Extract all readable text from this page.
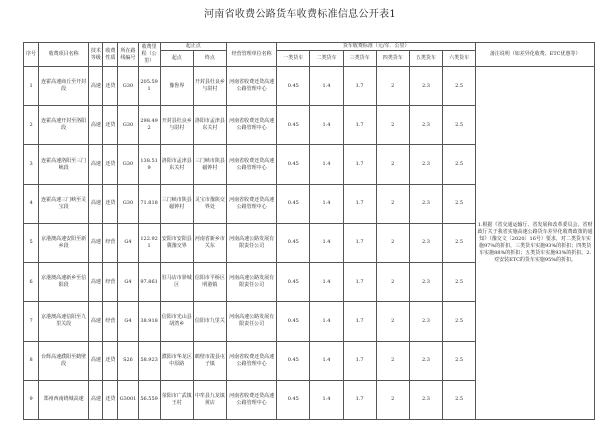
河南省收费公路货车收费标准信息公开表1
序号	收费项目名称	技术等级	收费性质	所在路线编号	收费里程（公里）	起止点		经营管理单位名称	货车收费标准（元/车．公里）						备注说明（如差异化收费、ETC优惠等）
						起点	终点		一类货车	二类货车	三类货车	四类货车	五类货车	六类货车	
1	连霍高速商丘至开封段	高速	还贷	G30	205.591	豫鲁界	开封县杜良乡与尉村	河南省收费还贷高速公路管理中心	0.45	1.4	1.7	2	2.3	2.5	1.根据《省交通运输厅、省发展和改革委员会、省财政厅关于我省实施高速公路货车差异化收费政策的通知》（豫交文〔2020〕16号）要求，对二类货车实施97%的折扣，三类货车实施93%的折扣；四类货车实施88%的折扣；五类货车实施93%的折扣。2.对安装ETC的货车实施95%的折扣。
2	连霍高速开封至洛阳段	高速	还贷	G30	298.492	开封县杜良乡与尉村	洛阳市孟津县东关村	河南省收费还贷高速公路管理中心	0.45	1.4	1.7	2	2.3	2.5	
3	连霍高速洛阳至三门峡段	高速	还贷	G30	138.519	洛阳市孟津县东关村	三门峡市陕县磁钟村	河南省收费还贷高速公路管理中心	0.45	1.4	1.7	2	2.3	2.5	
4	连霍高速三门峡至灵宝段	高速	还贷	G30	71.818	三门峡市陕县磁钟村	灵宝市豫陕交界处	河南省收费还贷高速公路管理中心	0.45	1.4	1.7	2	2.3	2.5	
5	京港澳高速安阳至新乡段	高速	经营	G4	122.921	安阳市安阳县冀豫交界	河南省新乡市关东	河南高速公路发展有限责任公司	0.45	1.4	1.7	2	2.3	2.5	
6	京港澳高速新乡至信阳段	高速	经营	G4	97.861	驻马店市驿城区	信阳市平桥区明港镇	河南高速公路发展有限责任公司	0.45	1.4	1.7	2	2.3	2.5	
7	京港澳高速信阳至九里关段	高速	经营	G4	38.918	信阳市光山县胡湾乡	信阳市九里关	河南高速公路发展有限责任公司	0.45	1.4	1.7	2	2.3	2.5	
8	台辉高速濮阳至鹤壁段	高速	还贷	S26	58.923	濮阳市华龙区中原路	鹤壁市浚县屯子镇	河南省收费还贷高速公路管理中心	0.45	1.4	1.7	2	2.3	2.5	
9	郑州西南绕城高速	高速	还贷	G3001	56.559	荥阳市广武镇王村	中牟县九龙镇黄店	河南省收费还贷高速公路管理中心	0.45	1.4	1.7	2	2.3	2.5	
